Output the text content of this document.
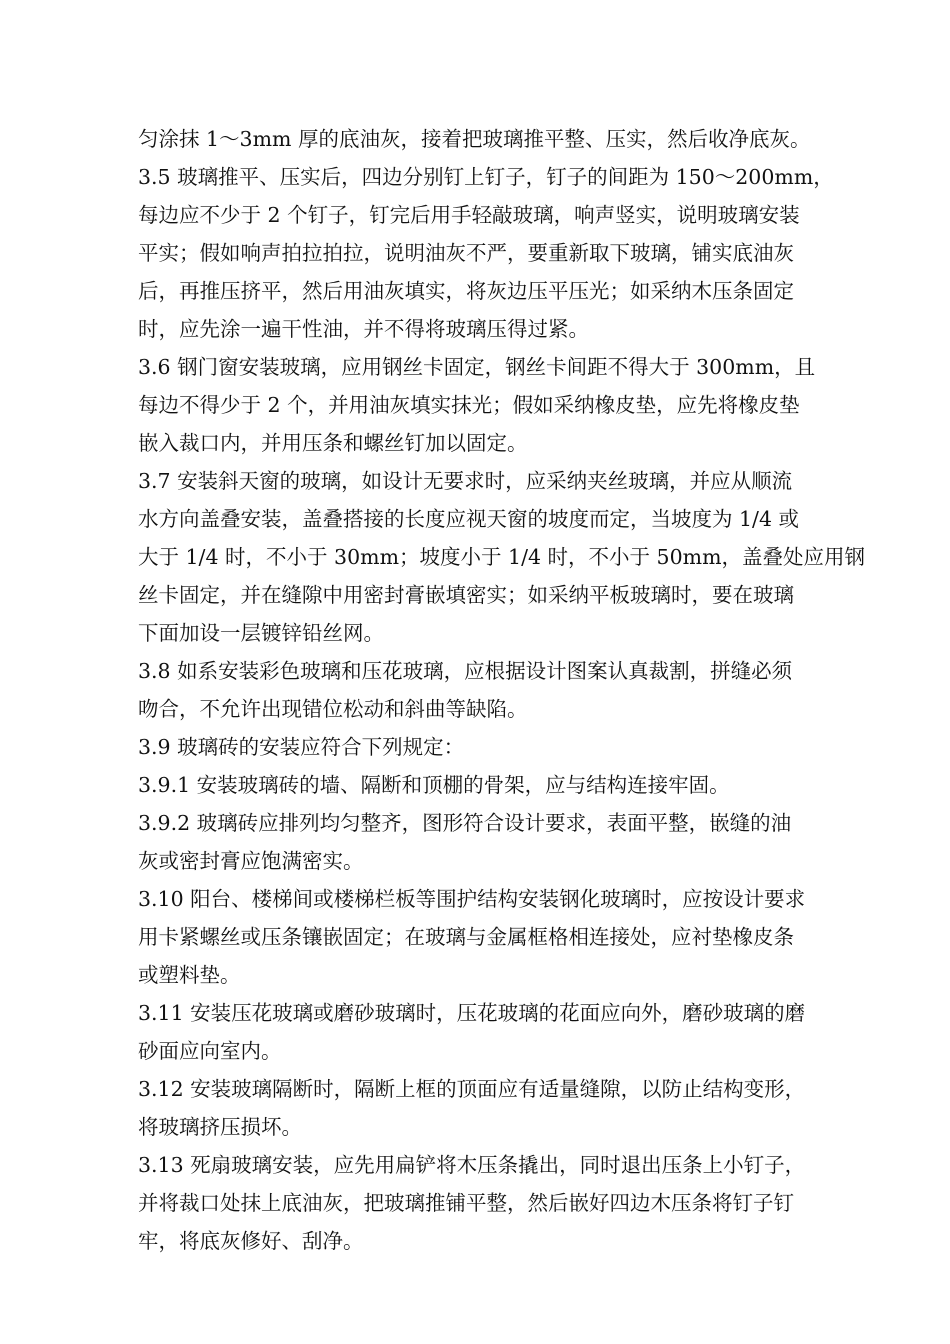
匀涂抹 1～3mm 厚的底油灰，接着把玻璃推平整、压实，然后收净底灰。
3.5 玻璃推平、压实后，四边分别钉上钉子，钉子的间距为 150～200mm，
每边应不少于 2 个钉子，钉完后用手轻敲玻璃，响声竖实，说明玻璃安装
平实；假如响声拍拉拍拉，说明油灰不严，要重新取下玻璃，铺实底油灰
后，再推压挤平，然后用油灰填实，将灰边压平压光；如采纳木压条固定
时，应先涂一遍干性油，并不得将玻璃压得过紧。
3.6 钢门窗安装玻璃，应用钢丝卡固定，钢丝卡间距不得大于 300mm，且
每边不得少于 2 个，并用油灰填实抹光；假如采纳橡皮垫，应先将橡皮垫
嵌入裁口内，并用压条和螺丝钉加以固定。
3.7 安装斜天窗的玻璃，如设计无要求时，应采纳夹丝玻璃，并应从顺流
水方向盖叠安装，盖叠搭接的长度应视天窗的坡度而定，当坡度为 1/4 或
大于 1/4 时，不小于 30mm；坡度小于 1/4 时，不小于 50mm，盖叠处应用钢
丝卡固定，并在缝隙中用密封膏嵌填密实；如采纳平板玻璃时，要在玻璃
下面加设一层镀锌铅丝网。
3.8 如系安装彩色玻璃和压花玻璃，应根据设计图案认真裁割，拼缝必须
吻合，不允许出现错位松动和斜曲等缺陷。
3.9 玻璃砖的安装应符合下列规定：
3.9.1 安装玻璃砖的墙、隔断和顶棚的骨架，应与结构连接牢固。
3.9.2 玻璃砖应排列均匀整齐，图形符合设计要求，表面平整，嵌缝的油
灰或密封膏应饱满密实。
3.10 阳台、楼梯间或楼梯栏板等围护结构安装钢化玻璃时，应按设计要求
用卡紧螺丝或压条镶嵌固定；在玻璃与金属框格相连接处，应衬垫橡皮条
或塑料垫。
3.11 安装压花玻璃或磨砂玻璃时，压花玻璃的花面应向外，磨砂玻璃的磨
砂面应向室内。
3.12 安装玻璃隔断时，隔断上框的顶面应有适量缝隙，以防止结构变形，
将玻璃挤压损坏。
3.13 死扇玻璃安装，应先用扁铲将木压条撬出，同时退出压条上小钉子，
并将裁口处抹上底油灰，把玻璃推铺平整，然后嵌好四边木压条将钉子钉
牢，将底灰修好、刮净。
